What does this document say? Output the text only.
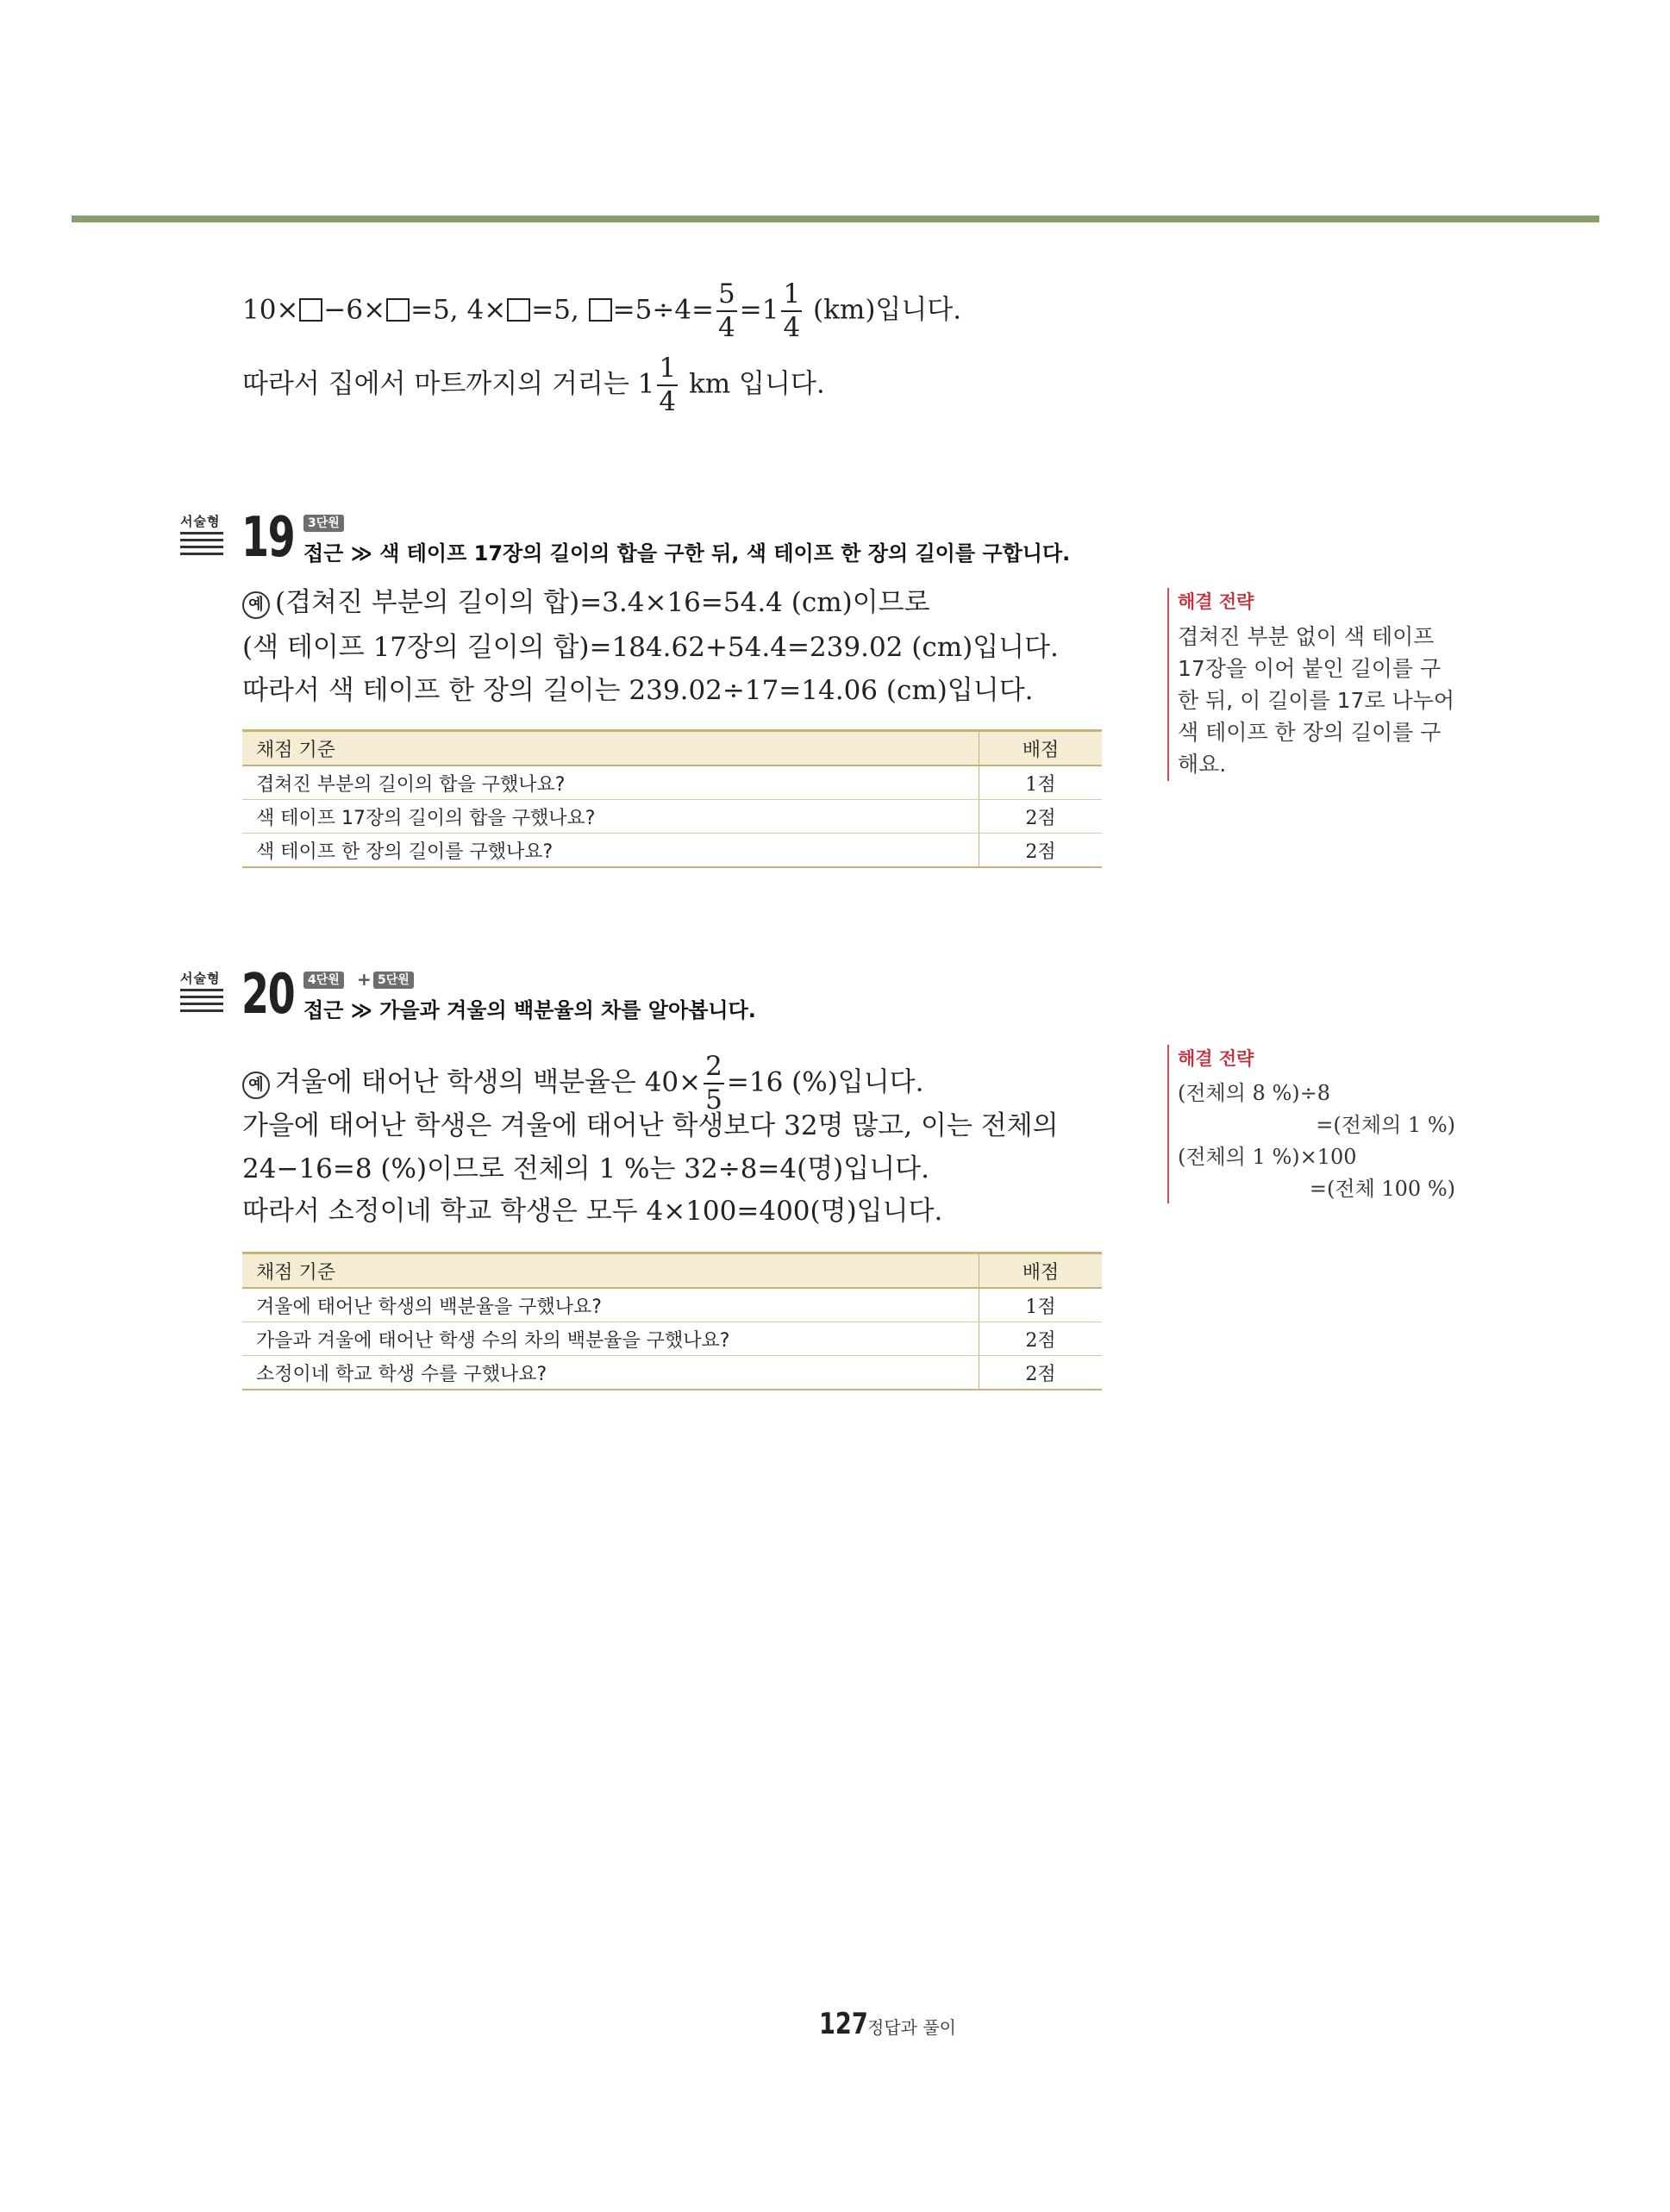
10× −6× =5, 4× =5, $=5\div 4= \frac{5}{4} =1 \frac{1}{4} (km)$입니다.
따라서 집에서 마트까지의 거리는 $1 \frac{1}{4}$ km 입니다.
서술형 19	3단원
접근 ≫ 색 테이프 17장의 길이의 합을 구한 뒤, 색 테이프 한 장의 길이를 구합니다.
예 (겹쳐진 부분의 길이의 합)=3.4×16=54.4 (cm)이므로
(색 테이프 17장의 길이의 합)=184.62+54.4=239.02 (cm)입니다.
따라서 색 테이프 한 장의 길이는 239.02÷17=14.06 (cm)입니다.
채점 기준	배점
겹쳐진 부분의 길이의 합을 구했나요?	1점
색 테이프 17장의 길이의 합을 구했나요?	2점
색 테이프 한 장의 길이를 구했나요?	2점
해결 전략
겹쳐진 부분 없이 색 테이프 17장을 이어 붙인 길이를 구한 뒤, 이 길이를 17로 나누어 색 테이프 한 장의 길이를 구해요.
서술형 20	4단원 + 5단원
접근 ≫ 가을과 겨울의 백분율의 차를 알아봅니다.
예 겨울에 태어난 학생의 백분율은 $40\times \frac{2}{5} =16$ (%)입니다.
가을에 태어난 학생은 겨울에 태어난 학생보다 32명 많고, 이는 전체의
24−16=8 (%)이므로 전체의 1 %는 32÷8=4(명)입니다.
따라서 소정이네 학교 학생은 모두 4×100=400(명)입니다.
채점 기준	배점
겨울에 태어난 학생의 백분율을 구했나요?	1점
가을과 겨울에 태어난 학생 수의 차의 백분율을 구했나요?	2점
소정이네 학교 학생 수를 구했나요?	2점
해결 전략
(전체의 8 %)÷8
=(전체의 1 %)
(전체의 1 %)×100
=(전체 100 %)
127 정답과 풀이
